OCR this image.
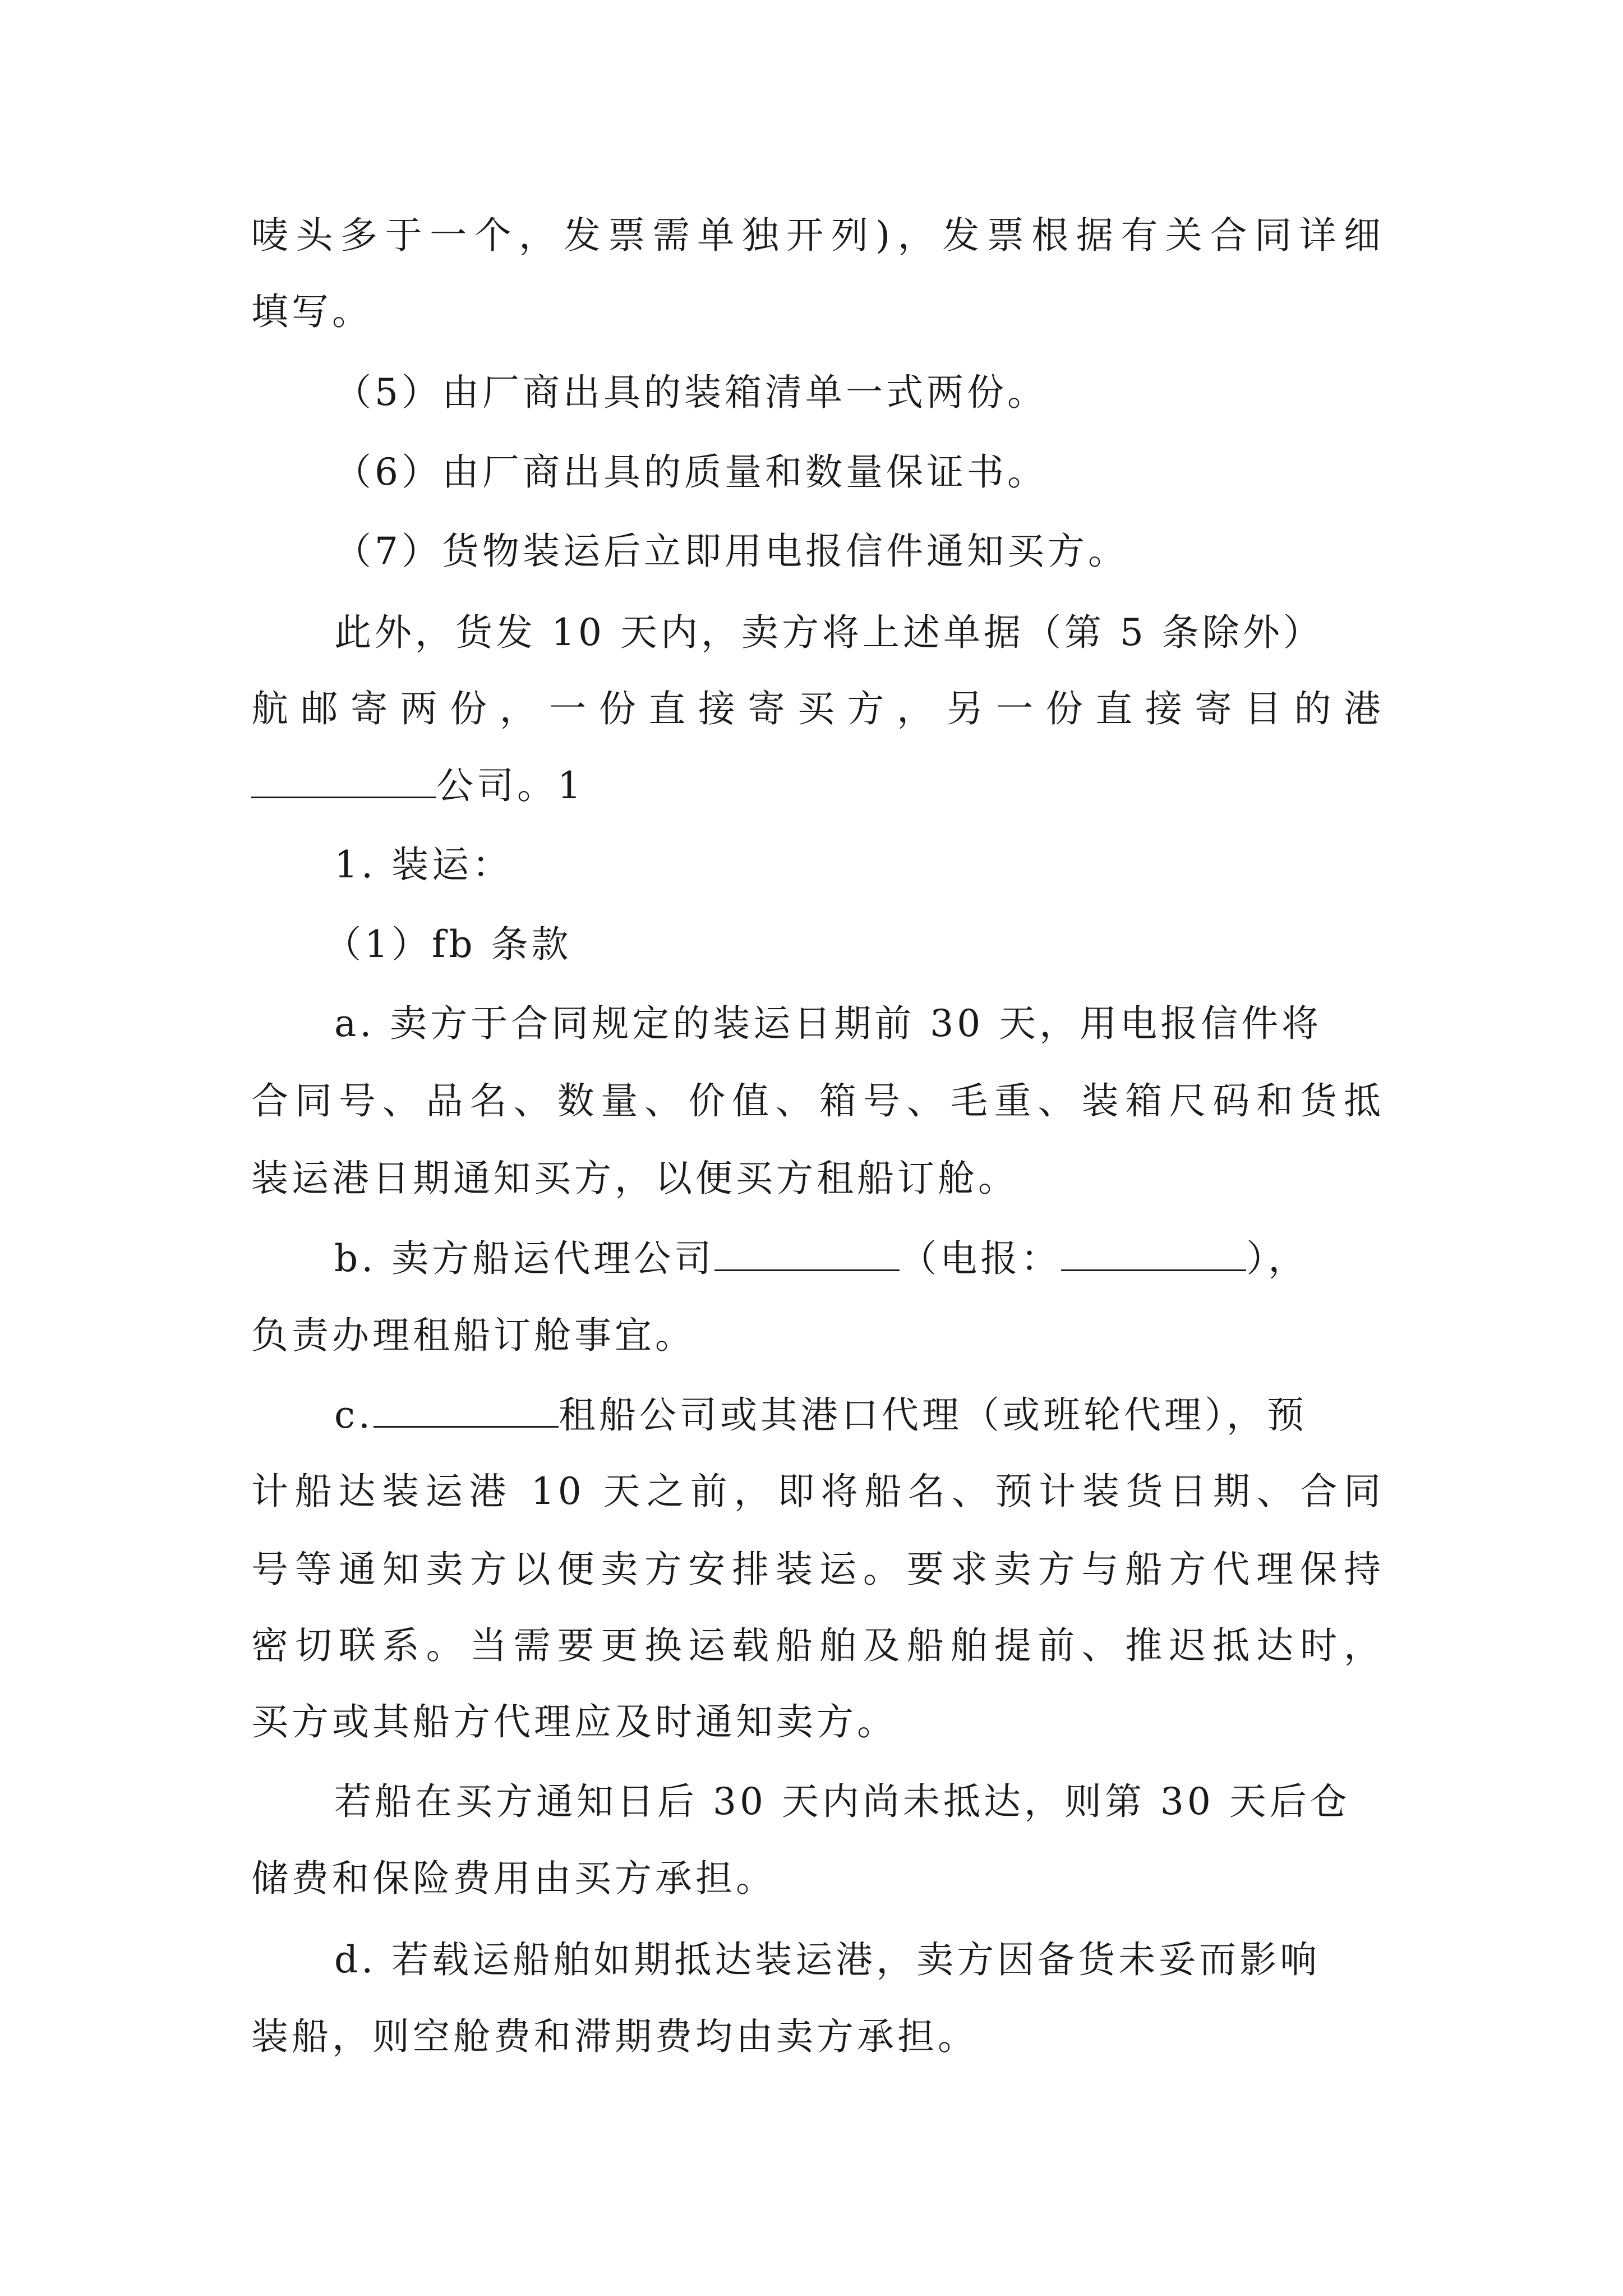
唛头多于一个，发票需单独开列)，发票根据有关合同详细
填写。
（5）由厂商出具的装箱清单一式两份。
（6）由厂商出具的质量和数量保证书。
（7）货物装运后立即用电报信件通知买方。
此外，货发 10 天内，卖方将上述单据（第 5 条除外）
航邮寄两份，一份直接寄买方，另一份直接寄目的港
公司。1
1. 装运：
（1）fb 条款
a. 卖方于合同规定的装运日期前 30 天，用电报信件将
合同号、品名、数量、价值、箱号、毛重、装箱尺码和货抵
装运港日期通知买方，以便买方租船订舱。
b. 卖方船运代理公司	（电报：	），
负责办理租船订舱事宜。
c.	租船公司或其港口代理（或班轮代理），预
计船达装运港 10 天之前，即将船名、预计装货日期、合同
号等通知卖方以便卖方安排装运。要求卖方与船方代理保持
密切联系。当需要更换运载船舶及船舶提前、推迟抵达时，
买方或其船方代理应及时通知卖方。
若船在买方通知日后 30 天内尚未抵达，则第 30 天后仓
储费和保险费用由买方承担。
d. 若载运船舶如期抵达装运港，卖方因备货未妥而影响
装船，则空舱费和滞期费均由卖方承担。
